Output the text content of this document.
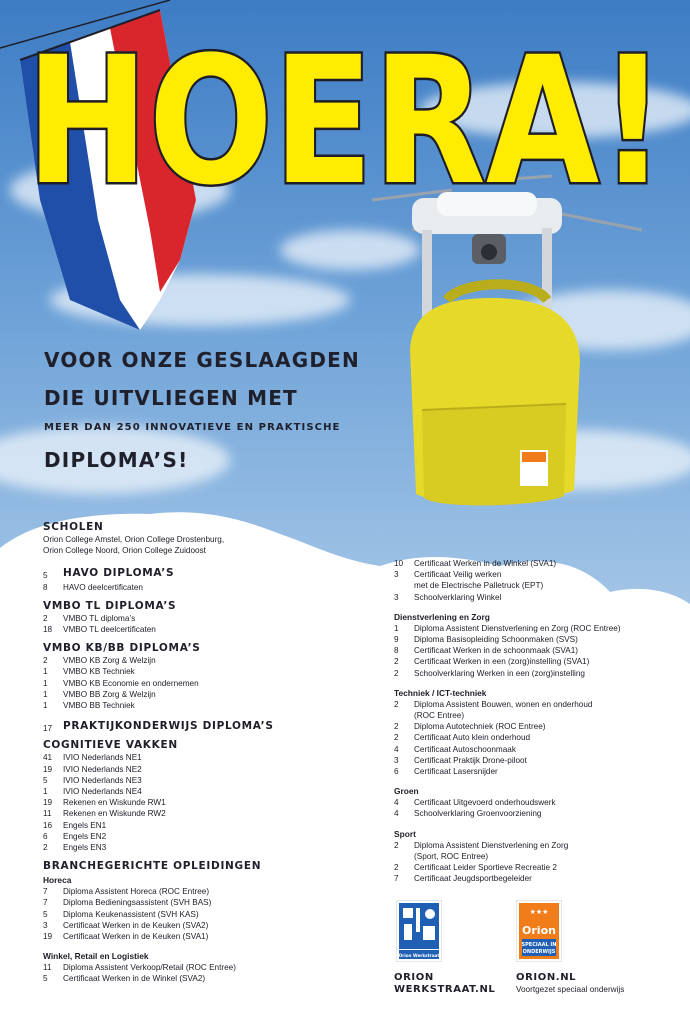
HOERA!
VOOR ONZE GESLAAGDEN
DIE UITVLIEGEN MET
MEER DAN 250 INNOVATIEVE EN PRAKTISCHE
DIPLOMA’S!
SCHOLEN
Orion College Amstel, Orion College Drostenburg,
Orion College Noord, Orion College Zuidoost
5	HAVO DIPLOMA’S
8	HAVO deelcertificaten
VMBO TL DIPLOMA’S
2	VMBO TL diploma’s
18	VMBO TL deelcertificaten
VMBO KB/BB DIPLOMA’S
2	VMBO KB Zorg & Welzijn
1	VMBO KB Techniek
1	VMBO KB Economie en ondernemen
1	VMBO BB Zorg & Welzijn
1	VMBO BB Techniek
17	PRAKTIJKONDERWIJS DIPLOMA’S
COGNITIEVE VAKKEN
41	IVIO Nederlands NE1
19	IVIO Nederlands NE2
5	IVIO Nederlands NE3
1	IVIO Nederlands NE4
19	Rekenen en Wiskunde RW1
11	Rekenen en Wiskunde RW2
16	Engels EN1
6	Engels EN2
2	Engels EN3
BRANCHEGERICHTE OPLEIDINGEN
Horeca
7	Diploma Assistent Horeca (ROC Entree)
7	Diploma Bedieningsassistent (SVH BAS)
5	Diploma Keukenassistent (SVH KAS)
3	Certificaat Werken in de Keuken (SVA2)
19	Certificaat Werken in de Keuken (SVA1)
Winkel, Retail en Logistiek
11	Diploma Assistent Verkoop/Retail (ROC Entree)
5	Certificaat Werken in de Winkel (SVA2)
10	Certificaat Werken in de Winkel (SVA1)
3	Certificaat Veilig werken
met de Electrische Palletruck (EPT)
3	Schoolverklaring Winkel
Dienstverlening en Zorg
1	Diploma Assistent Dienstverlening en Zorg (ROC Entree)
9	Diploma Basisopleiding Schoonmaken (SVS)
8	Certificaat Werken in de schoonmaak (SVA1)
2	Certificaat Werken in een (zorg)instelling (SVA1)
2	Schoolverklaring Werken in een (zorg)instelling
Techniek / ICT-techniek
2	Diploma Assistent Bouwen, wonen en onderhoud
(ROC Entree)
2	Diploma Autotechniek (ROC Entree)
2	Certificaat Auto klein onderhoud
4	Certificaat Autoschoonmaak
3	Certificaat Praktijk Drone-piloot
6	Certificaat Lasersnijder
Groen
4	Certificaat Uitgevoerd onderhoudswerk
4	Schoolverklaring Groenvoorziening
Sport
2	Diploma Assistent Dienstverlening en Zorg
(Sport, ROC Entree)
2	Certificaat Leider Sportieve Recreatie 2
7	Certificaat Jeugdsportbegeleider
Orion Werkstraat
★★★
Orion
SPECIAAL IN
ONDERWIJS
ORION
WERKSTRAAT.NL
ORION.NL
Voortgezet speciaal onderwijs
